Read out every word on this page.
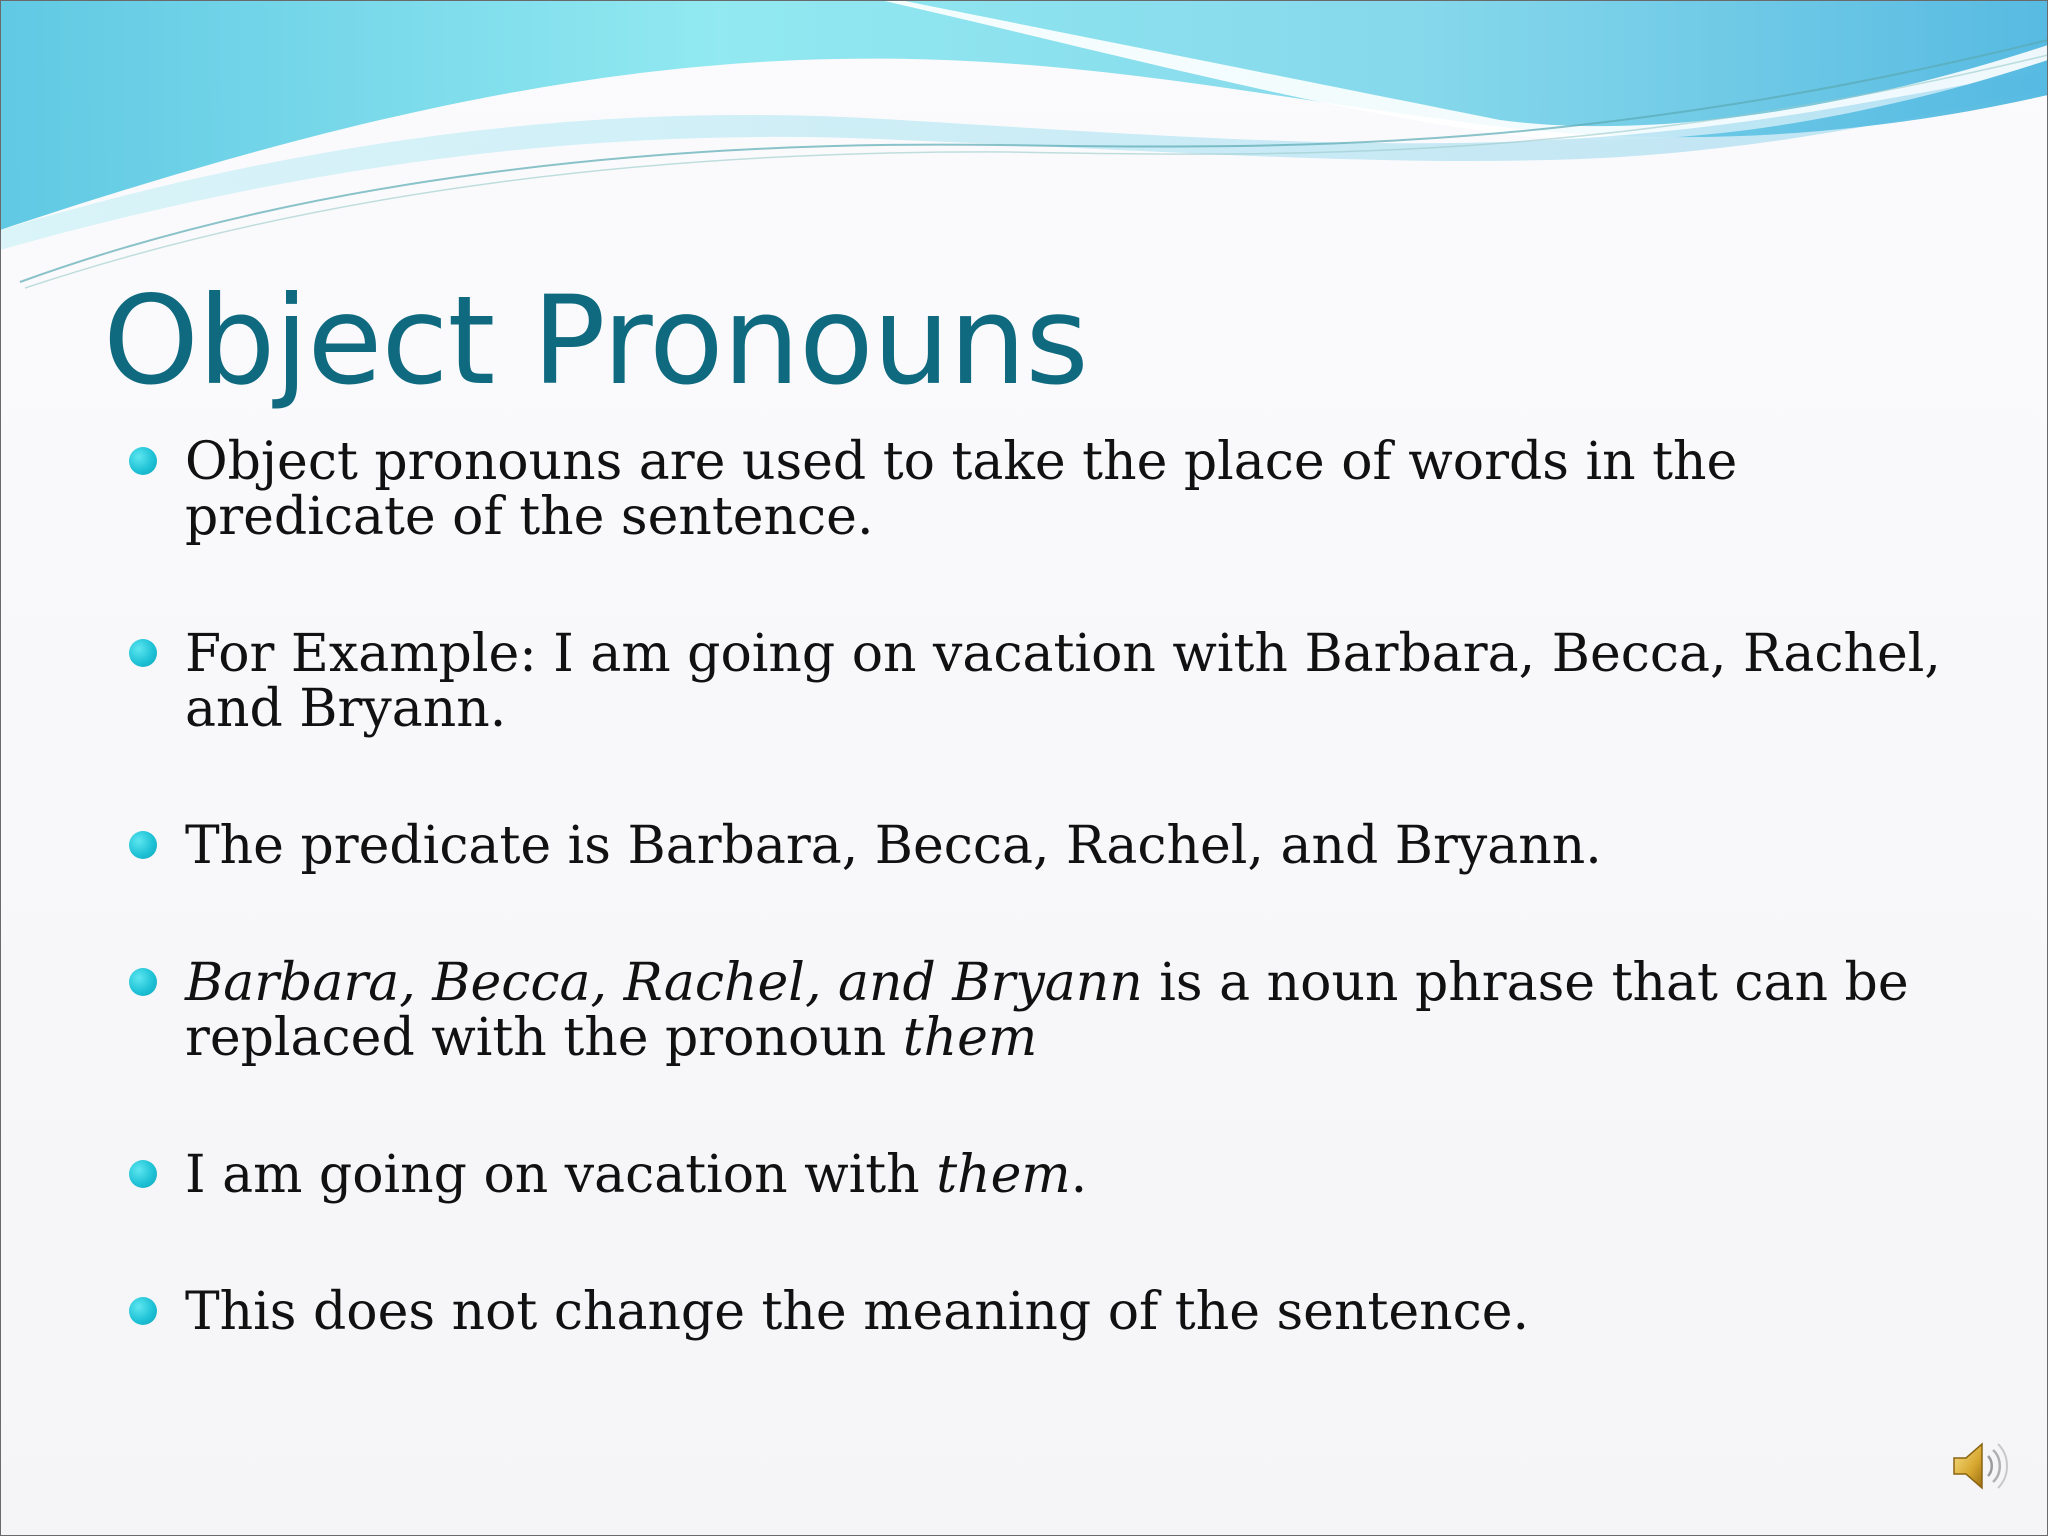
Object Pronouns
Object pronouns are used to take the place of words in the predicate of the sentence.
For Example: I am going on vacation with Barbara, Becca, Rachel, and Bryann.
The predicate is Barbara, Becca, Rachel, and Bryann.
Barbara, Becca, Rachel, and Bryann is a noun phrase that can be replaced with the pronoun them
I am going on vacation with them.
This does not change the meaning of the sentence.
